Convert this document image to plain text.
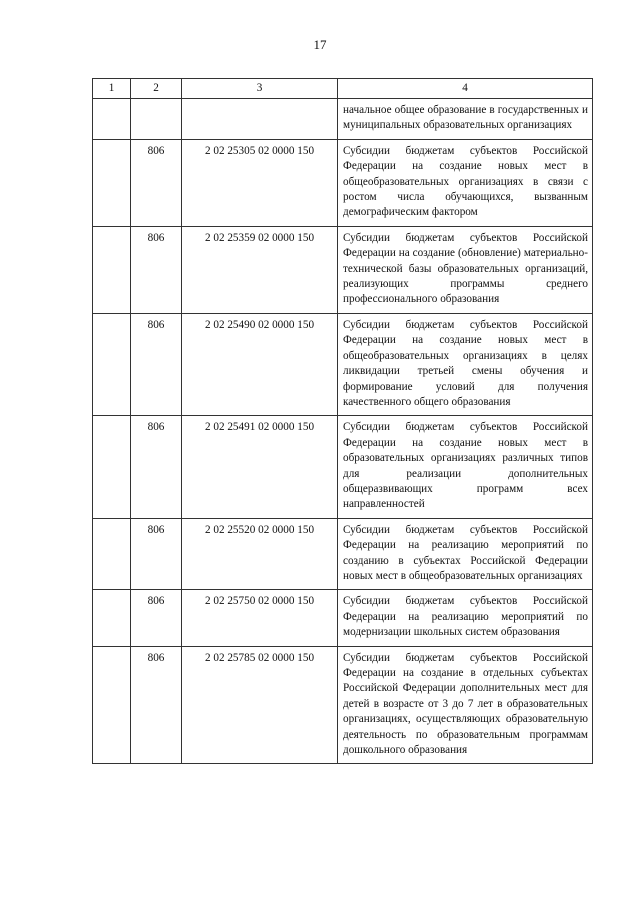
17
1	2	3	4
			начальное общее образование в государственных и муниципальных образовательных организациях
	806	2 02 25305 02 0000 150	Субсидии бюджетам субъектов Российской Федерации на создание новых мест в общеобразовательных организациях в связи с ростом числа обучающихся, вызванным демографическим фактором
	806	2 02 25359 02 0000 150	Субсидии бюджетам субъектов Российской Федерации на создание (обновление) материально-технической базы образовательных организаций, реализующих программы среднего профессионального образования
	806	2 02 25490 02 0000 150	Субсидии бюджетам субъектов Российской Федерации на создание новых мест в общеобразовательных организациях в целях ликвидации третьей смены обучения и формирование условий для получения качественного общего образования
	806	2 02 25491 02 0000 150	Субсидии бюджетам субъектов Российской Федерации на создание новых мест в образовательных организациях различных типов для реализации дополнительных общеразвивающих программ всех направленностей
	806	2 02 25520 02 0000 150	Субсидии бюджетам субъектов Российской Федерации на реализацию мероприятий по созданию в субъектах Российской Федерации новых мест в общеобразовательных организациях
	806	2 02 25750 02 0000 150	Субсидии бюджетам субъектов Российской Федерации на реализацию мероприятий по модернизации школьных систем образования
	806	2 02 25785 02 0000 150	Субсидии бюджетам субъектов Российской Федерации на создание в отдельных субъектах Российской Федерации дополнительных мест для детей в возрасте от 3 до 7 лет в образовательных организациях, осуществляющих образовательную деятельность по образовательным программам дошкольного образования
